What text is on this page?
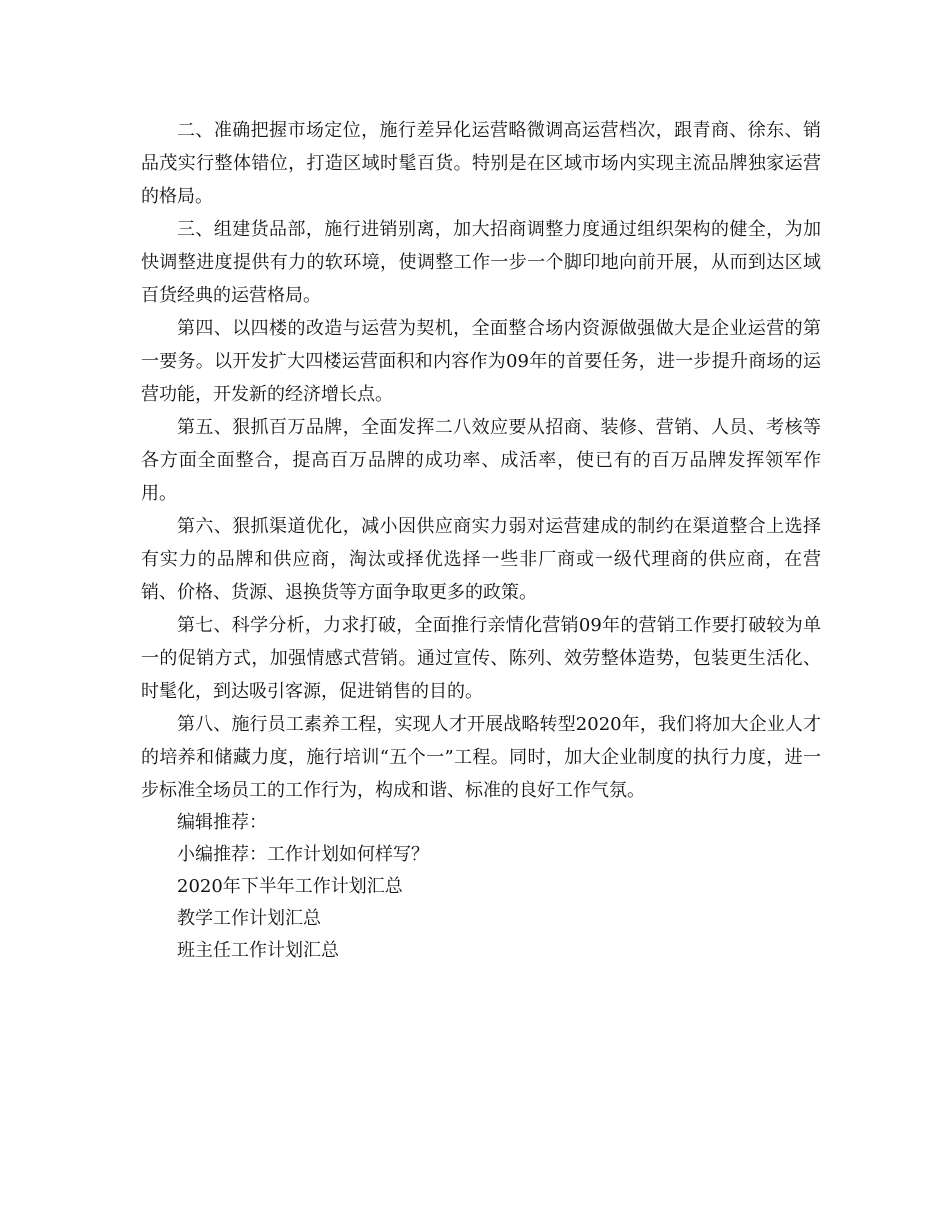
二、准确把握市场定位，施行差异化运营略微调高运营档次，跟青商、徐东、销品茂实行整体错位，打造区域时髦百货。特别是在区域市场内实现主流品牌独家运营的格局。

三、组建货品部，施行进销别离，加大招商调整力度通过组织架构的健全，为加快调整进度提供有力的软环境，使调整工作一步一个脚印地向前开展，从而到达区域百货经典的运营格局。

第四、以四楼的改造与运营为契机，全面整合场内资源做强做大是企业运营的第一要务。以开发扩大四楼运营面积和内容作为09年的首要任务，进一步提升商场的运营功能，开发新的经济增长点。

第五、狠抓百万品牌，全面发挥二八效应要从招商、装修、营销、人员、考核等各方面全面整合，提高百万品牌的成功率、成活率，使已有的百万品牌发挥领军作用。

第六、狠抓渠道优化，减小因供应商实力弱对运营建成的制约在渠道整合上选择有实力的品牌和供应商，淘汰或择优选择一些非厂商或一级代理商的供应商，在营销、价格、货源、退换货等方面争取更多的政策。

第七、科学分析，力求打破，全面推行亲情化营销09年的营销工作要打破较为单一的促销方式，加强情感式营销。通过宣传、陈列、效劳整体造势，包装更生活化、时髦化，到达吸引客源，促进销售的目的。

第八、施行员工素养工程，实现人才开展战略转型2020年，我们将加大企业人才的培养和储藏力度，施行培训“五个一”工程。同时，加大企业制度的执行力度，进一步标准全场员工的工作行为，构成和谐、标准的良好工作气氛。

编辑推荐：

小编推荐：工作计划如何样写？
2020年下半年工作计划汇总
教学工作计划汇总
班主任工作计划汇总
